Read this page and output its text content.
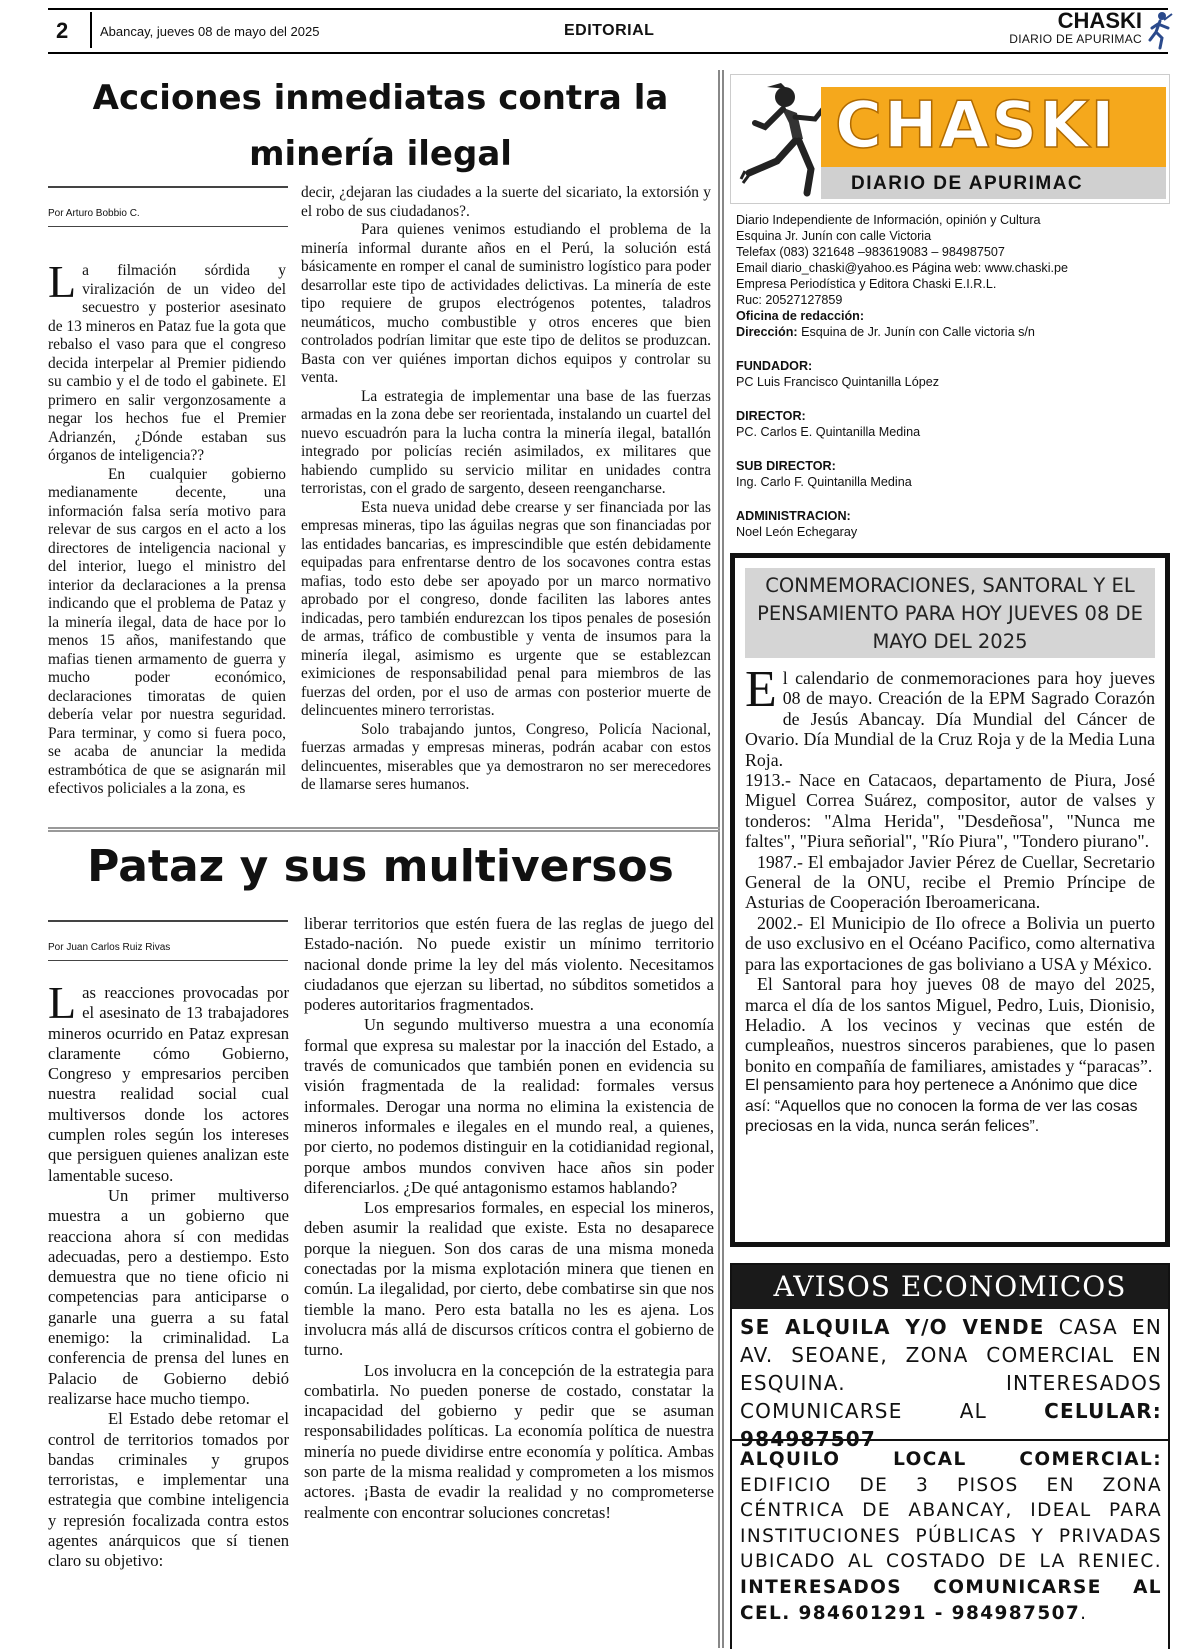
2 Abancay, jueves 08 de mayo del 2025	EDITORIAL	CHASKI
DIARIO DE APURIMAC
Acciones inmediatas contra la minería ilegal
Por Arturo Bobbio C.

La filmación sórdida y viralización de un video del secuestro y posterior asesinato de 13 mineros en Pataz fue la gota que rebalso el vaso para que el congreso decida interpelar al Premier pidiendo su cambio y el de todo el gabinete. El primero en salir vergonzosamente a negar los hechos fue el Premier Adrianzén, ¿Dónde estaban sus órganos de inteligencia??

En cualquier gobierno medianamente decente, una información falsa sería motivo para relevar de sus cargos en el acto a los directores de inteligencia nacional y del interior, luego el ministro del interior da declaraciones a la prensa indicando que el problema de Pataz y la minería ilegal, data de hace por lo menos 15 años, manifestando que mafias tienen armamento de guerra y mucho poder económico, declaraciones timoratas de quien debería velar por nuestra seguridad. Para terminar, y como si fuera poco, se acaba de anunciar la medida estrambótica de que se asignarán mil efectivos policiales a la zona, es

decir, ¿dejaran las ciudades a la suerte del sicariato, la extorsión y el robo de sus ciudadanos?.

Para quienes venimos estudiando el problema de la minería informal durante años en el Perú, la solución está básicamente en romper el canal de suministro logístico para poder desarrollar este tipo de actividades delictivas. La minería de este tipo requiere de grupos electrógenos potentes, taladros neumáticos, mucho combustible y otros enceres que bien controlados podrían limitar que este tipo de delitos se produzcan. Basta con ver quiénes importan dichos equipos y controlar su venta.

La estrategia de implementar una base de las fuerzas armadas en la zona debe ser reorientada, instalando un cuartel del nuevo escuadrón para la lucha contra la minería ilegal, batallón integrado por policías recién asimilados, ex militares que habiendo cumplido su servicio militar en unidades contra terroristas, con el grado de sargento, deseen reengancharse.

Esta nueva unidad debe crearse y ser financiada por las empresas mineras, tipo las águilas negras que son financiadas por las entidades bancarias, es imprescindible que estén debidamente equipadas para enfrentarse dentro de los socavones contra estas mafias, todo esto debe ser apoyado por un marco normativo aprobado por el congreso, donde faciliten las labores antes indicadas, pero también endurezcan los tipos penales de posesión de armas, tráfico de combustible y venta de insumos para la minería ilegal, asimismo es urgente que se establezcan eximiciones de responsabilidad penal para miembros de las fuerzas del orden, por el uso de armas con posterior muerte de delincuentes minero terroristas.

Solo trabajando juntos, Congreso, Policía Nacional, fuerzas armadas y empresas mineras, podrán acabar con estos delincuentes, miserables que ya demostraron no ser merecedores de llamarse seres humanos.

Pataz y sus multiversos
Por Juan Carlos Ruiz Rivas

Las reacciones provocadas por el asesinato de 13 trabajadores mineros ocurrido en Pataz expresan claramente cómo Gobierno, Congreso y empresarios perciben nuestra realidad social cual multiversos donde los actores cumplen roles según los intereses que persiguen quienes analizan este lamentable suceso.

Un primer multiverso muestra a un gobierno que reacciona ahora sí con medidas adecuadas, pero a destiempo. Esto demuestra que no tiene oficio ni competencias para anticiparse o ganarle una guerra a su fatal enemigo: la criminalidad. La conferencia de prensa del lunes en Palacio de Gobierno debió realizarse hace mucho tiempo.

El Estado debe retomar el control de territorios tomados por bandas criminales y grupos terroristas, e implementar una estrategia que combine inteligencia y represión focalizada contra estos agentes anárquicos que sí tienen claro su objetivo:

liberar territorios que estén fuera de las reglas de juego del Estado-nación. No puede existir un mínimo territorio nacional donde prime la ley del más violento. Necesitamos ciudadanos que ejerzan su libertad, no súbditos sometidos a poderes autoritarios fragmentados.

Un segundo multiverso muestra a una economía formal que expresa su malestar por la inacción del Estado, a través de comunicados que también ponen en evidencia su visión fragmentada de la realidad: formales versus informales. Derogar una norma no elimina la existencia de mineros informales e ilegales en el mundo real, a quienes, por cierto, no podemos distinguir en la cotidianidad regional, porque ambos mundos conviven hace años sin poder diferenciarlos. ¿De qué antagonismo estamos hablando?

Los empresarios formales, en especial los mineros, deben asumir la realidad que existe. Esta no desaparece porque la nieguen. Son dos caras de una misma moneda conectadas por la misma explotación minera que tienen en común. La ilegalidad, por cierto, debe combatirse sin que nos tiemble la mano. Pero esta batalla no les es ajena. Los involucra más allá de discursos críticos contra el gobierno de turno.

Los involucra en la concepción de la estrategia para combatirla. No pueden ponerse de costado, constatar la incapacidad del gobierno y pedir que se asuman responsabilidades políticas. La economía política de nuestra minería no puede dividirse entre economía y política. Ambas son parte de la misma realidad y comprometen a los mismos actores. ¡Basta de evadir la realidad y no comprometerse realmente con encontrar soluciones concretas!

CHASKI
DIARIO DE APURIMAC
Diario Independiente de Información, opinión y Cultura
Esquina Jr. Junín con calle Victoria
Telefax (083) 321648 –983619083 – 984987507
Email diario_chaski@yahoo.es Página web: www.chaski.pe
Empresa Periodística y Editora Chaski E.I.R.L.
Ruc: 20527127859
Oficina de redacción:
Dirección: Esquina de Jr. Junín con Calle victoria s/n
FUNDADOR:
PC Luis Francisco Quintanilla López
DIRECTOR:
PC. Carlos E. Quintanilla Medina
SUB DIRECTOR:
Ing. Carlo F. Quintanilla Medina
ADMINISTRACION:
Noel León Echegaray
CONMEMORACIONES, SANTORAL Y EL PENSAMIENTO PARA HOY JUEVES 08 DE MAYO DEL 2025

El calendario de conmemoraciones para hoy jueves 08 de mayo. Creación de la EPM Sagrado Corazón de Jesús Abancay. Día Mundial del Cáncer de Ovario. Día Mundial de la Cruz Roja y de la Media Luna Roja.

1913.- Nace en Catacaos, departamento de Piura, José Miguel Correa Suárez, compositor, autor de valses y tonderos: "Alma Herida", "Desdeñosa", "Nunca me faltes", "Piura señorial", "Río Piura", "Tondero piurano".

1987.- El embajador Javier Pérez de Cuellar, Secretario General de la ONU, recibe el Premio Príncipe de Asturias de Cooperación Iberoamericana.

2002.- El Municipio de Ilo ofrece a Bolivia un puerto de uso exclusivo en el Océano Pacifico, como alternativa para las exportaciones de gas boliviano a USA y México.

El Santoral para hoy jueves 08 de mayo del 2025, marca el día de los santos Miguel, Pedro, Luis, Dionisio, Heladio. A los vecinos y vecinas que estén de cumpleaños, nuestros sinceros parabienes, que lo pasen bonito en compañía de familiares, amistades y “paracas”.

El pensamiento para hoy pertenece a Anónimo que dice así: “Aquellos que no conocen la forma de ver las cosas preciosas en la vida, nunca serán felices”.

AVISOS ECONOMICOS
SE ALQUILA Y/O VENDE CASA EN AV. SEOANE, ZONA COMERCIAL EN ESQUINA. INTERESADOS COMUNICARSE AL CELULAR: 984987507
ALQUILO LOCAL COMERCIAL: EDIFICIO DE 3 PISOS EN ZONA CÉNTRICA DE ABANCAY, IDEAL PARA INSTITUCIONES PÚBLICAS Y PRIVADAS UBICADO AL COSTADO DE LA RENIEC. INTERESADOS COMUNICARSE AL CEL. 984601291 - 984987507.
